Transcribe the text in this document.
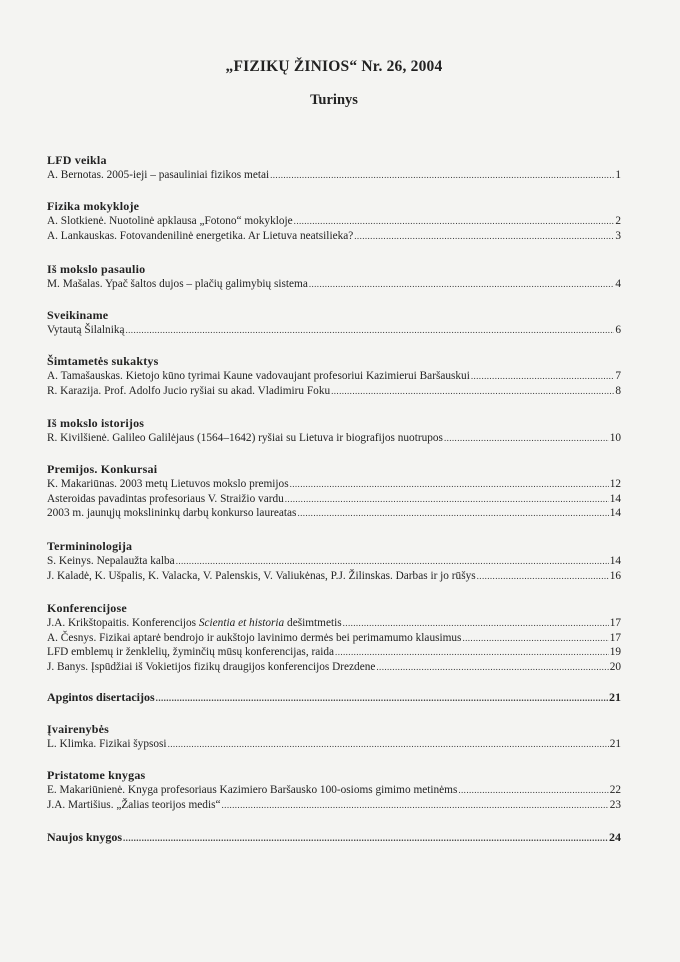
„FIZIKŲ ŽINIOS“ Nr. 26, 2004
Turinys
LFD veikla
A. Bernotas. 2005-ieji – pasauliniai fizikos metai .....	1
Fizika mokykloje
A. Slotkienė. Nuotolinė apklausa „Fotono“ mokykloje .....	2
A. Lankauskas. Fotovandenilinė energetika. Ar Lietuva neatsilieka? .....	3
Iš mokslo pasaulio
M. Mašalas. Ypač šaltos dujos – plačių galimybių sistema .....	4
Sveikiname
Vytautą Šilalniką .....	6
Šimtametės sukaktys
A. Tamašauskas. Kietojo kūno tyrimai Kaune vadovaujant profesoriui Kazimierui Baršauskui .....	7
R. Karazija. Prof. Adolfo Jucio ryšiai su akad. Vladimiru Foku .....	8
Iš mokslo istorijos
R. Kivilšienė. Galileo Galilėjaus (1564–1642) ryšiai su Lietuva ir biografijos nuotrupos .....	10
Premijos. Konkursai
K. Makariūnas. 2003 metų Lietuvos mokslo premijos .....	12
Asteroidas pavadintas profesoriaus V. Straižio vardu .....	14
2003 m. jaunųjų mokslininkų darbų konkurso laureatas .....	14
Termininologija
S. Keinys. Nepalaužta kalba .....	14
J. Kaladė, K. Ušpalis, K. Valacka, V. Palenskis, V. Valiukėnas, P.J. Žilinskas. Darbas ir jo rūšys .....	16
Konferencijose
J.A. Krikštopaitis. Konferencijos Scientia et historia dešimtmetis .....	17
A. Česnys. Fizikai aptarė bendrojo ir aukštojo lavinimo dermės bei perimamumo klausimus .....	17
LFD emblemų ir ženklelių, žyminčių mūsų konferencijas, raida .....	19
J. Banys. Įspūdžiai iš Vokietijos fizikų draugijos konferencijos Drezdene .....	20
Apgintos disertacijos .....	21
Įvairenybės
L. Klimka. Fizikai šypsosi .....	21
Pristatome knygas
E. Makariūnienė. Knyga profesoriaus Kazimiero Baršausko 100-osioms gimimo metinėms .....	22
J.A. Martišius. „Žalias teorijos medis“ .....	23
Naujos knygos .....	24
